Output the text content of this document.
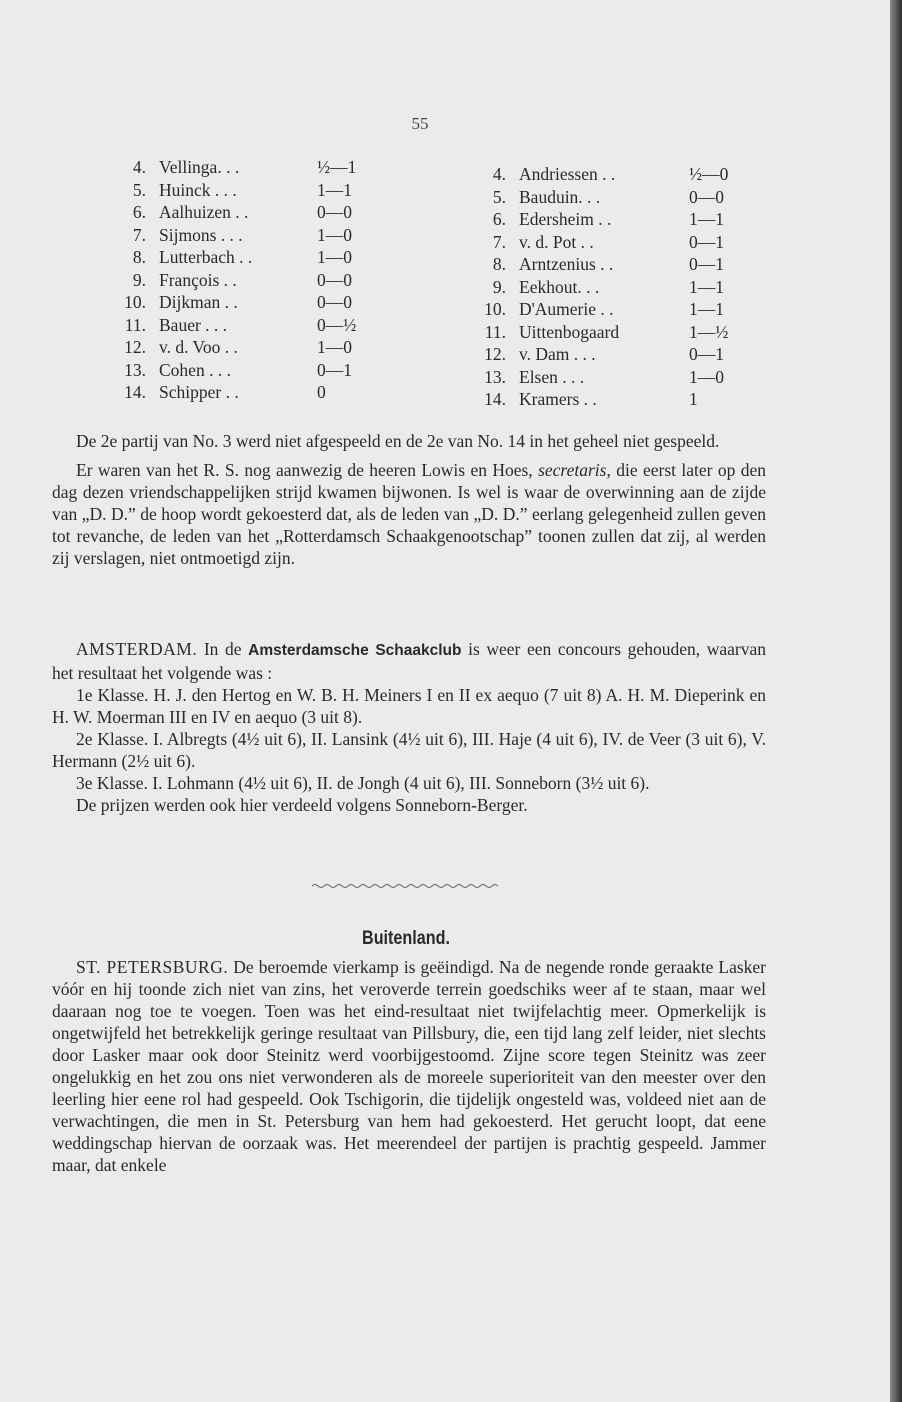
55
4. Vellinga. . .	½—1
5. Huinck . . .	1—1
6. Aalhuizen . .	0—0
7. Sijmons . . .	1—0
8. Lutterbach . .	1—0
9. François . .	0—0
10. Dijkman . .	0—0
11. Bauer . . .	0—½
12. v. d. Voo . .	1—0
13. Cohen . . .	0—1
14. Schipper . .	0
4. Andriessen . .	½—0
5. Bauduin. . .	0—0
6. Edersheim . .	1—1
7. v. d. Pot . .	0—1
8. Arntzenius . .	0—1
9. Eekhout. . .	1—1
10. D'Aumerie . .	1—1
11. Uittenbogaard	1—½
12. v. Dam . . .	0—1
13. Elsen . . .	1—0
14. Kramers . .	1

De 2e partij van No. 3 werd niet afgespeeld en de 2e van No. 14 in het geheel niet gespeeld.

Er waren van het R. S. nog aanwezig de heeren Lowis en Hoes, secretaris, die eerst later op den dag dezen vriendschappelijken strijd kwamen bijwonen. Is wel is waar de overwinning aan de zijde van „D. D.” de hoop wordt gekoesterd dat, als de leden van „D. D.” eerlang gelegenheid zullen geven tot revanche, de leden van het „Rotterdamsch Schaakgenootschap” toonen zullen dat zij, al werden zij verslagen, niet ontmoetigd zijn.

AMSTERDAM. In de Amsterdamsche Schaakclub is weer een concours gehouden, waarvan het resultaat het volgende was :

1e Klasse. H. J. den Hertog en W. B. H. Meiners I en II ex aequo (7 uit 8) A. H. M. Dieperink en H. W. Moerman III en IV en aequo (3 uit 8).

2e Klasse. I. Albregts (4½ uit 6), II. Lansink (4½ uit 6), III. Haje (4 uit 6), IV. de Veer (3 uit 6), V. Hermann (2½ uit 6).

3e Klasse. I. Lohmann (4½ uit 6), II. de Jongh (4 uit 6), III. Sonneborn (3½ uit 6).

De prijzen werden ook hier verdeeld volgens Sonneborn-Berger.

Buitenland.

ST. PETERSBURG. De beroemde vierkamp is geëindigd. Na de negende ronde geraakte Lasker vóór en hij toonde zich niet van zins, het veroverde terrein goedschiks weer af te staan, maar wel daaraan nog toe te voegen. Toen was het eind-resultaat niet twijfelachtig meer. Opmerkelijk is ongetwijfeld het betrekkelijk geringe resultaat van Pillsbury, die, een tijd lang zelf leider, niet slechts door Lasker maar ook door Steinitz werd voorbijgestoomd. Zijne score tegen Steinitz was zeer ongelukkig en het zou ons niet verwonderen als de moreele superioriteit van den meester over den leerling hier eene rol had gespeeld. Ook Tschigorin, die tijdelijk ongesteld was, voldeed niet aan de verwachtingen, die men in St. Petersburg van hem had gekoesterd. Het gerucht loopt, dat eene weddingschap hiervan de oorzaak was. Het meerendeel der partijen is prachtig gespeeld. Jammer maar, dat enkele
